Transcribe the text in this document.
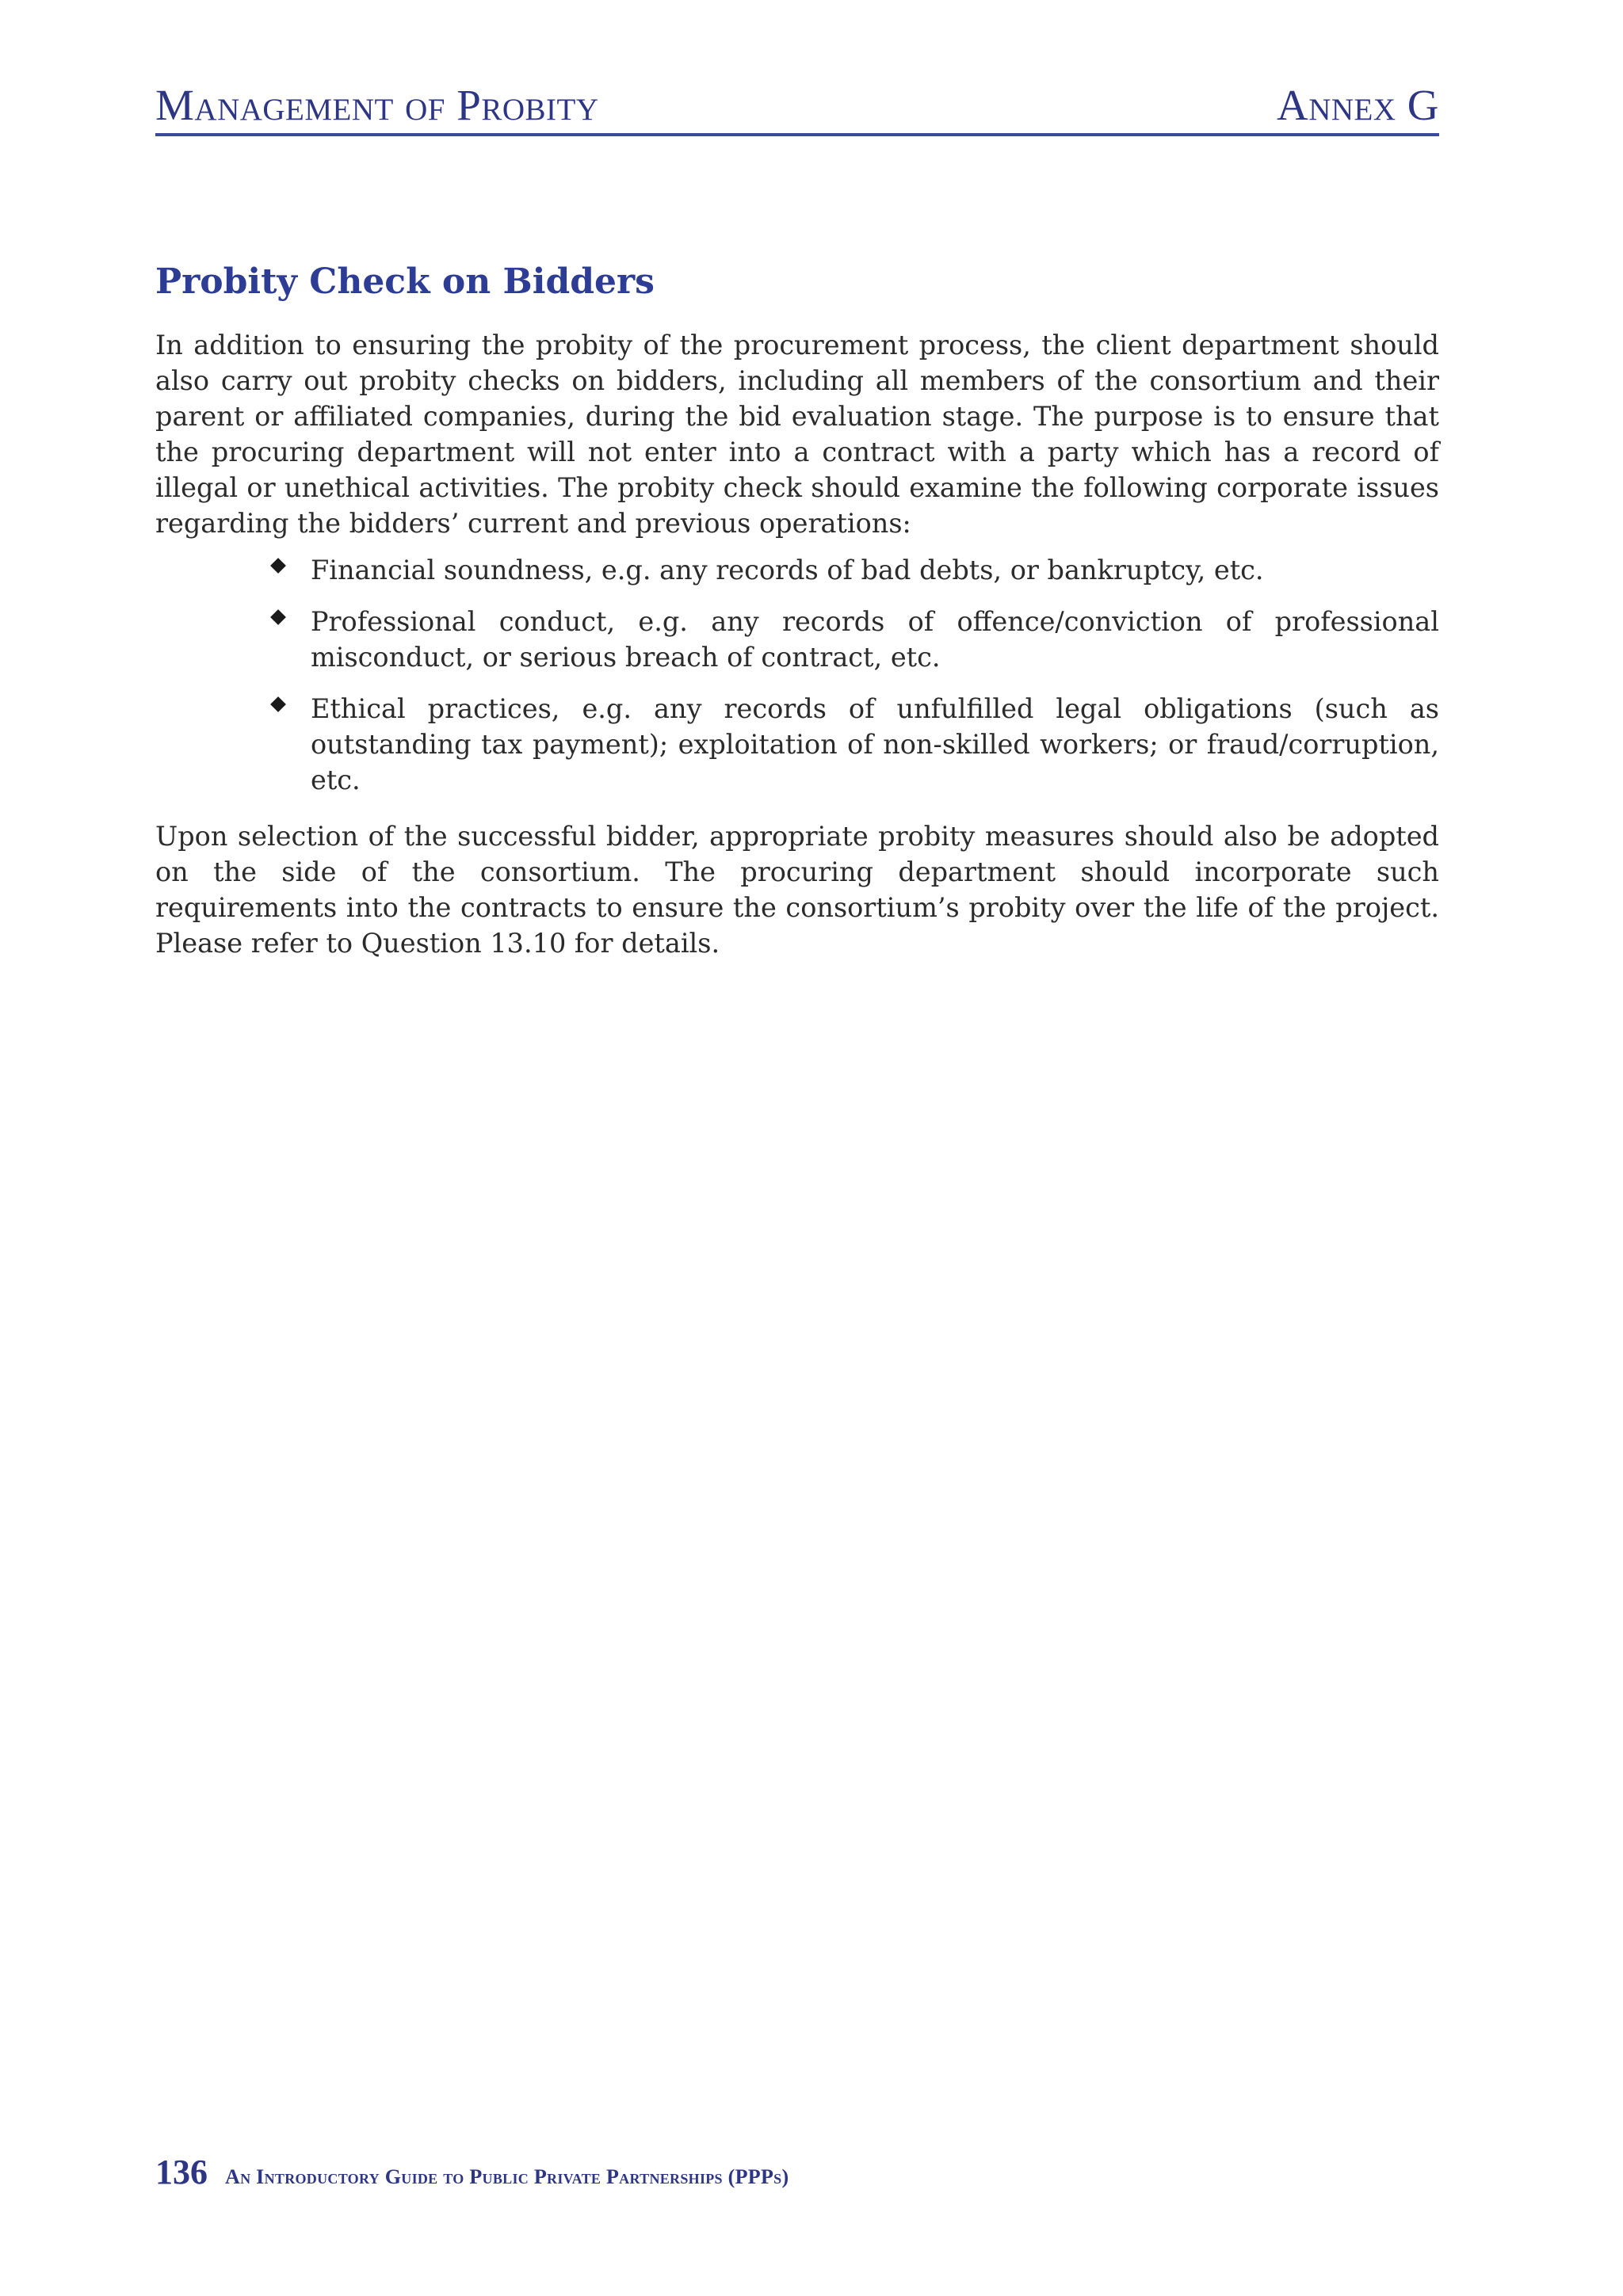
Management of Probity	Annex G
Probity Check on Bidders

In addition to ensuring the probity of the procurement process, the client department should also carry out probity checks on bidders, including all members of the consortium and their parent or affiliated companies, during the bid evaluation stage. The purpose is to ensure that the procuring department will not enter into a contract with a party which has a record of illegal or unethical activities. The probity check should examine the following corporate issues regarding the bidders’ current and previous operations:

Financial soundness, e.g. any records of bad debts, or bankruptcy, etc.
Professional conduct, e.g. any records of offence/conviction of professional misconduct, or serious breach of contract, etc.
Ethical practices, e.g. any records of unfulfilled legal obligations (such as outstanding tax payment); exploitation of non-skilled workers; or fraud/corruption, etc.

Upon selection of the successful bidder, appropriate probity measures should also be adopted on the side of the consortium. The procuring department should incorporate such requirements into the contracts to ensure the consortium’s probity over the life of the project. Please refer to Question 13.10 for details.

136 An Introductory Guide to Public Private Partnerships (PPPs)
